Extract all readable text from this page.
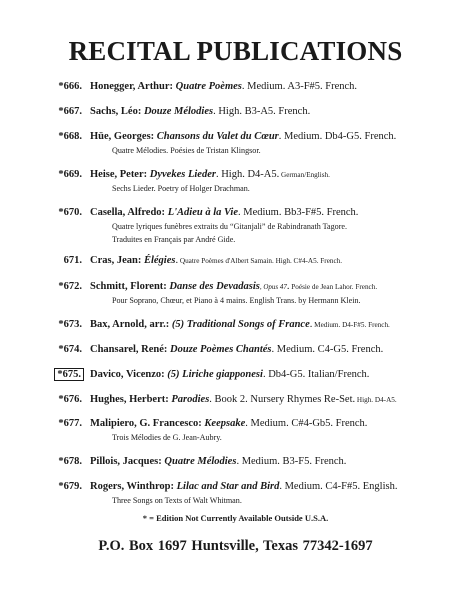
RECITAL PUBLICATIONS
*666. Honegger, Arthur: Quatre Poèmes. Medium. A3-F#5. French.
*667. Sachs, Léo: Douze Mélodies. High. B3-A5. French.
*668. Hüe, Georges: Chansons du Valet du Cœur. Medium. Db4-G5. French.
Quatre Mélodies. Poésies de Tristan Klingsor.
*669. Heise, Peter: Dyvekes Lieder. High. D4-A5. German/English.
Sechs Lieder. Poetry of Holger Drachman.
*670. Casella, Alfredo: L'Adieu à la Vie. Medium. Bb3-F#5. French.
Quatre lyriques funèbres extraits du “Gitanjali” de Rabindranath Tagore.
Traduites en Français par André Gide.
671. Cras, Jean: Élégies. Quatre Poèmes d'Albert Samain. High. C#4-A5. French.
*672. Schmitt, Florent: Danse des Devadasis, Opus 47. Poésie de Jean Lahor. French.
Pour Soprano, Chœur, et Piano à 4 mains. English Trans. by Hermann Klein.
*673. Bax, Arnold, arr.: (5) Traditional Songs of France. Medium. D4-F#5. French.
*674. Chansarel, René: Douze Poèmes Chantés. Medium. C4-G5. French.
*675. Davico, Vicenzo: (5) Liriche giapponesi. Db4-G5. Italian/French.
*676. Hughes, Herbert: Parodies. Book 2. Nursery Rhymes Re-Set. High. D4-A5.
*677. Malipiero, G. Francesco: Keepsake. Medium. C#4-Gb5. French.
Trois Mélodies de G. Jean-Aubry.
*678. Pillois, Jacques: Quatre Mélodies. Medium. B3-F5. French.
*679. Rogers, Winthrop: Lilac and Star and Bird. Medium. C4-F#5. English.
Three Songs on Texts of Walt Whitman.
* = Edition Not Currently Available Outside U.S.A.
P.O. Box 1697 Huntsville, Texas 77342-1697
